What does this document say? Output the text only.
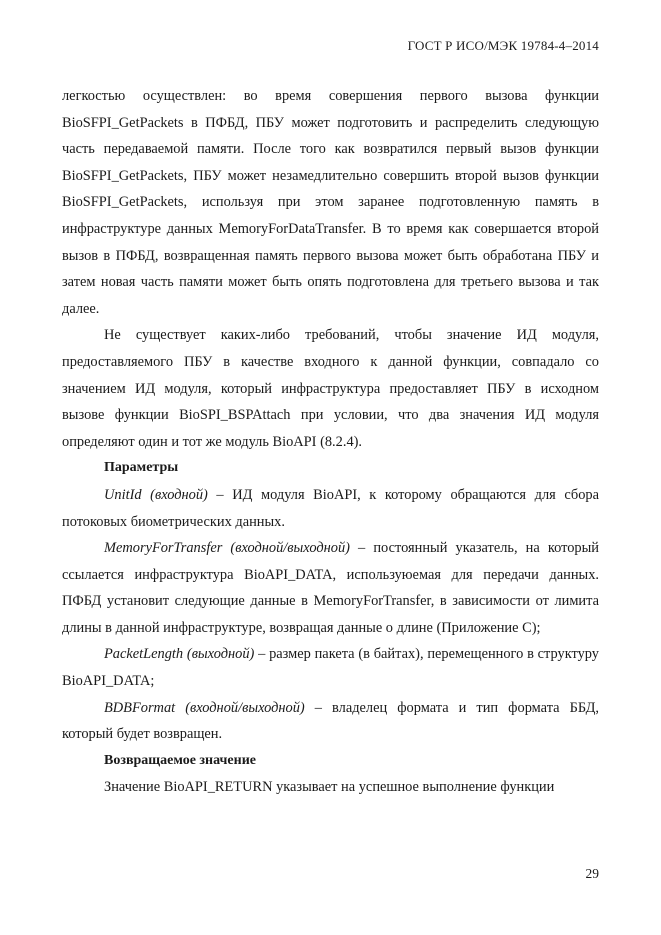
ГОСТ Р ИСО/МЭК 19784-4–2014

легкостью осуществлен: во время совершения первого вызова функции BioSFPI_GetPackets в ПФБД, ПБУ может подготовить и распределить следующую часть передаваемой памяти. После того как возвратился первый вызов функции BioSFPI_GetPackets, ПБУ может незамедлительно совершить второй вызов функции BioSFPI_GetPackets, используя при этом заранее подготовленную память в инфраструктуре данных MemoryForDataTransfer. В то время как совершается второй вызов в ПФБД, возвращенная память первого вызова может быть обработана ПБУ и затем новая часть памяти может быть опять подготовлена для третьего вызова и так далее.

Не существует каких-либо требований, чтобы значение ИД модуля, предоставляемого ПБУ в качестве входного к данной функции, совпадало со значением ИД модуля, который инфраструктура предоставляет ПБУ в исходном вызове функции BioSPI_BSPAttach при условии, что два значения ИД модуля определяют один и тот же модуль BioAPI (8.2.4).

Параметры

UnitId (входной) – ИД модуля BioAPI, к которому обращаются для сбора потоковых биометрических данных.

MemoryForTransfer (входной/выходной) – постоянный указатель, на который ссылается инфраструктура BioAPI_DATA, используюемая для передачи данных. ПФБД установит следующие данные в MemoryForTransfer, в зависимости от лимита длины в данной инфраструктуре, возвращая данные о длине (Приложение С);

PacketLength (выходной) – размер пакета (в байтах), перемещенного в структуру BioAPI_DATA;

BDBFormat (входной/выходной) – владелец формата и тип формата ББД, который будет возвращен.

Возвращаемое значение

Значение BioAPI_RETURN указывает на успешное выполнение функции

29
